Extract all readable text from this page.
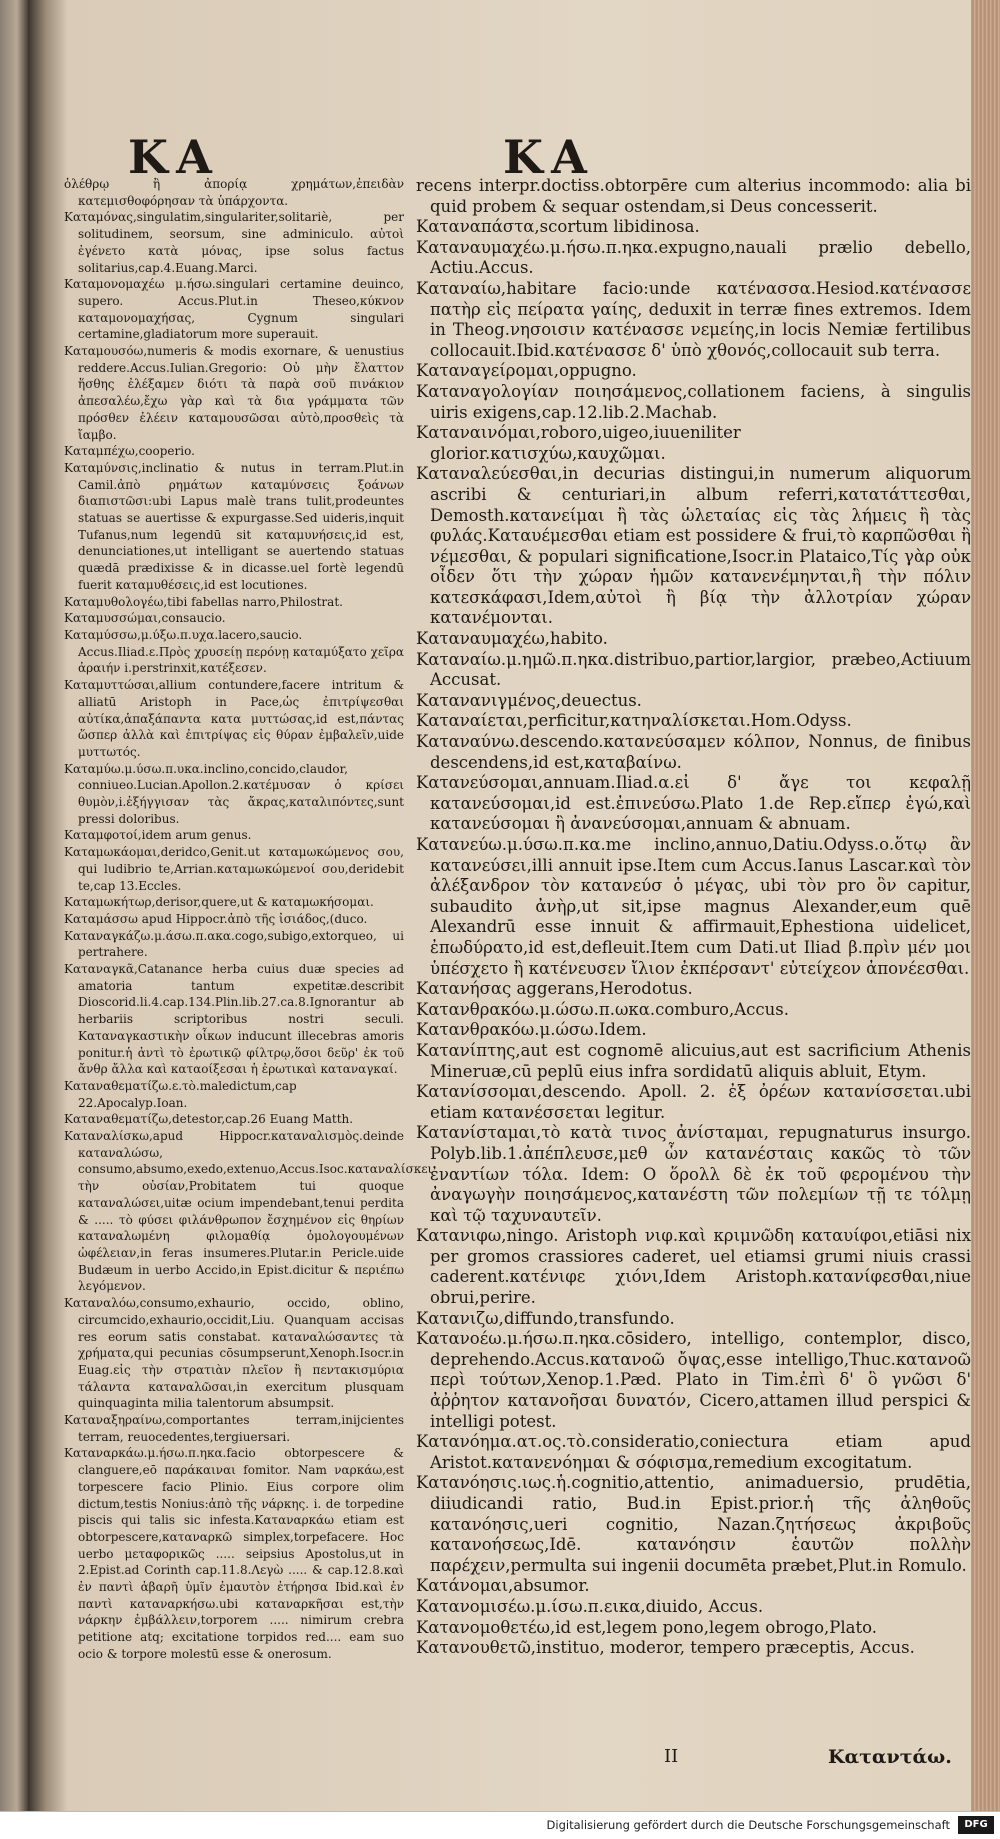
KA	KA

ὀλέθρῳ ἢ ἀπορίᾳ χρημάτων,ἐπειδὰν κατεμισθοφόρησαν τὰ ὑπάρχοντα.

Καταμόνας,singulatim,singulariter,solitariè, per solitudinem, seorsum, sine adminiculo. αὐτοὶ ἐγένετο κατὰ μόνας, ipse solus factus solitarius,cap.4.Euang.Marci.

Καταμονομαχέω μ.ήσω.singulari certamine deuinco, supero. Accus.Plut.in Theseo,κύκνον καταμονομαχήσας, Cygnum singulari certamine,gladiatorum more superauit.

Καταμουσόω,numeris & modis exornare, & uenustius reddere.Accus.Iulian.Gregorio: Οὐ μὴν ἔλαττον ἥσθης ἐλέξαμεν διότι τὰ παρὰ σοῦ πινάκιον ἀπεσαλέω,ἔχω γὰρ καὶ τὰ δια γράμματα τῶν πρόσθεν ἐλέειν καταμουσῶσαι αὐτὸ,προσθεὶς τὰ ἴαμβο.

Καταμπέχω,cooperio.

Καταμύνσις,inclinatio & nutus in terram.Plut.in Camil.ἀπὸ ρημάτων καταμύνσεις ξοάνων διαπιστῶσι:ubi Lapus malè trans tulit,prodeuntes statuas se auertisse & expurgasse.Sed uideris,inquit Tufanus,num legendū sit καταμυνήσεις,id est, denunciationes,ut intelligant se auertendo statuas quædā prædixisse & in dicasse.uel fortè legendū fuerit καταμυθέσεις,id est locutiones.

Καταμυθολογέω,tibi fabellas narro,Philostrat.

Καταμυσσώμαι,consaucio.

Καταμύσσω,μ.ύξω.π.υχα.lacero,saucio. Accus.Iliad.ε.Πρὸς χρυσείῃ περόνῃ καταμύξατο χεῖρα ἀραιήν i.perstrinxit,κατέξεσεν.

Καταμυττώσαι,allium contundere,facere intritum & alliatū Aristoph in Pace,ὡς ἐπιτρίψεσθαι αὐτίκα,ἁπαξάπαντα κατα μυττώσας,id est,πάντας ὥσπερ ἀλλὰ καὶ ἐπιτρίψας εἰς θύραν ἐμβαλεῖν,uide μυττωτός.

Καταμύω.μ.ύσω.π.υκα.inclino,concido,claudor, conniueo.Lucian.Apollon.2.κατέμυσαν ὁ κρίσει θυμὸν,i.ἐξήγγισαν τὰς ἄκρας,καταλιπόντες,sunt pressi doloribus.

Καταμφοτοί,idem arum genus.

Καταμωκάομαι,deridco,Genit.ut καταμωκώμενος σου, qui ludibrio te,Arrian.καταμωκώμενοί σου,deridebit te,cap 13.Eccles.

Καταμωκήτωρ,derisor,quere,ut & καταμωκήσομαι.

Καταμάσσω apud Hippocr.ἀπὸ τῆς ἰσιάδος,(duco.

Καταναγκάζω.μ.άσω.π.ακα.cogo,subigo,extorqueo, ui pertrahere.

Καταναγκᾶ,Catanance herba cuius duæ species ad amatoria tantum expetitæ.describit Dioscorid.li.4.cap.134.Plin.lib.27.ca.8.Ignorantur ab herbariis scriptoribus nostri seculi. Καταναγκαστικὴν οἶκων inducunt illecebras amoris ponitur.ἡ ἀντὶ τὸ ἐρωτικῷ φίλτρῳ,ὅσοι δεῦρ' ἐκ τοῦ ἄνθρ ἄλλα καὶ καταοίξεσαι ἡ ἐρωτικαὶ καταναγκαί.

Καταναθεματίζω.ε.τὸ.maledictum,cap 22.Apocalyp.Ioan.

Καταναθεματίζω,detestor,cap.26 Euang Matth.

Καταναλίσκω,apud Hippocr.καταναλισμὸς.deinde καταναλώσω, consumo,absumo,exedo,extenuo,Accus.Isoc.καταναλίσκει τὴν οὐσίαν,Probitatem tui quoque καταναλώσει,uitæ ocium impendebant,tenui perdita & ..... τὸ φύσει φιλάνθρωπον ἔσχημένον εἰς θηρίων καταναλωμένη φιλομαθίᾳ ὁμολογουμένων ὠφέλειαν,in feras insumeres.Plutar.in Pericle.uide Budæum in uerbo Accido,in Epist.dicitur & περιέπω λεγόμενον.

Καταναλόω,consumo,exhaurio, occido, oblino, circumcido,exhaurio,occidit,Liu. Quanquam accisas res eorum satis constabat. καταναλώσαντες τὰ χρήματα,qui pecunias cōsumpserunt,Xenoph.Isocr.in Euag.εἰς τὴν στρατιὰν πλεῖον ἢ πεντακισμύρια τάλαντα καταναλῶσαι,in exercitum plusquam quinquaginta milia talentorum absumpsit.

Καταναξηραίνω,comportantes terram,inijcientes terram, reuocedentes,tergiuersari.

Καταναρκάω.μ.ήσω.π.ηκα.facio obtorpescere & clanguere,eō παράκαιναι fomitor. Nam ναρκάω,est torpescere facio Plinio. Eius corpore olim dictum,testis Nonius:ἀπὸ τῆς νάρκης. i. de torpedine piscis qui talis sic infesta.Καταναρκάω etiam est obtorpescere,καταναρκῶ simplex,torpefacere. Hoc uerbo μεταφορικῶς ..... seipsius Apostolus,ut in 2.Epist.ad Corinth cap.11.8.Λεγὼ ..... & cap.12.8.καὶ ἐν παντὶ ἀβαρῆ ὑμῖν ἐμαυτὸν ἐτήρησα Ibid.καὶ ἐν παντὶ καταναρκήσω.ubi καταναρκῆσαι est,τὴν νάρκην ἐμβάλλειν,torporem ..... nimirum crebra petitione atq; excitatione torpidos red.... eam suo ocio & torpore molestū esse & onerosum.

recens interpr.doctiss.obtorpēre cum alterius incommodo: alia bi quid probem & sequar ostendam,si Deus concesserit.

Καταναπάστα,scortum libidinosa.

Καταναυμαχέω.μ.ήσω.π.ηκα.expugno,nauali prælio debello, Actiu.Accus.

Καταναίω,habitare facio:unde κατένασσα.Hesiod.κατένασσε πατὴρ εἰς πείρατα γαίης, deduxit in terræ fines extremos. Idem in Theog.νησοισιν κατένασσε νεμείης,in locis Nemiæ fertilibus collocauit.Ibid.κατένασσε δ' ὑπὸ χθονός,collocauit sub terra.

Καταναγείρομαι,oppugno.

Καταναγολογίαν ποιησάμενος,collationem faciens, à singulis uiris exigens,cap.12.lib.2.Machab.

Καταναινόμαι,roboro,uigeo,iuueniliter glorior.κατισχύω,καυχῶμαι.

Καταναλεύεσθαι,in decurias distingui,in numerum aliquorum ascribi & centuriari,in album referri,κατατάττεσθαι, Demosth.κατανείμαι ἢ τὰς ὡλεταίας εἰς τὰς λήμεις ἢ τὰς φυλάς.Καταυέμεσθαι etiam est possidere & frui,τὸ καρπῶσθαι ἢ νέμεσθαι, & populari significatione,Isocr.in Plataico,Τίς γὰρ οὐκ οἶδεν ὅτι τὴν χώραν ἡμῶν κατανενέμηνται,ἢ τὴν πόλιν κατεσκάφασι,Idem,αὐτοὶ ἢ βίᾳ τὴν ἀλλοτρίαν χώραν κατανέμονται.

Καταναυμαχέω,habito.

Καταναίω.μ.ημῶ.π.ηκα.distribuo,partior,largior, præbeo,Actiuum Accusat.

Κατανανιγμένος,deuectus.

Καταναίεται,perficitur,κατηναλίσκεται.Hom.Odyss.

Καταναύνω.descendo.κατανεύσαμεν κόλπον, Nonnus, de finibus descendens,id est,καταβαίνω.

Κατανεύσομαι,annuam.Iliad.α.εἰ δ' ἄγε τοι κεφαλῇ κατανεύσομαι,id est.ἐπινεύσω.Plato 1.de Rep.εἴπερ ἐγώ,καὶ κατανεύσομαι ἢ ἀνανεύσομαι,annuam & abnuam.

Κατανεύω.μ.ύσω.π.κα.me inclino,annuo,Datiu.Odyss.ο.ὅτῳ ἂν κατανεύσει,illi annuit ipse.Item cum Accus.Ianus Lascar.καὶ τὸν ἀλέξανδρον τὸν κατανεύσ ὁ μέγας, ubi τὸν pro ὃν capitur, subaudito ἀνὴρ,ut sit,ipse magnus Alexander,eum quē Alexandrū esse innuit & affirmauit,Ephestiona uidelicet, ἐπωδύρατο,id est,defleuit.Item cum Dati.ut Iliad β.πρὶν μέν μοι ὑπέσχετο ἢ κατένευσεν ἴλιον ἐκπέρσαντ' εὐτείχεον ἀπονέεσθαι.

Κατανήσας aggerans,Herodotus.

Κατανθρακόω.μ.ώσω.π.ωκα.comburo,Accus.

Κατανθρακόω.μ.ώσω.Idem.

Κατανίπτης,aut est cognomē alicuius,aut est sacrificium Athenis Mineruæ,cū peplū eius infra sordidatū aliquis abluit, Etym.

Κατανίσσομαι,descendo. Apoll. 2. ἐξ ὀρέων κατανίσσεται.ubi etiam κατανέσσεται legitur.

Κατανίσταμαι,τὸ κατὰ τινος ἀνίσταμαι, repugnaturus insurgo. Polyb.lib.1.ἀπέπλευσε,μεθ ὧν κατανέσταις κακῶς τὸ τῶν ἐναντίων τόλα. Idem: Ο ὅρολλ δὲ ἐκ τοῦ φερομένου τὴν ἀναγωγὴν ποιησάμενος,κατανέστη τῶν πολεμίων τῇ τε τόλμῃ καὶ τῷ ταχυναυτεῖν.

Κατανιφω,ningo. Aristoph νιφ.καὶ κριμνῶδη καταυίφοι,etiāsi nix per gromos crassiores caderet, uel etiamsi grumi niuis crassi caderent.κατένιφε χιόνι,Idem Aristoph.κατανίφεσθαι,niue obrui,perire.

Κατανιζω,diffundo,transfundo.

Κατανοέω.μ.ήσω.π.ηκα.cōsidero, intelligo, contemplor, disco, deprehendo.Accus.κατανοῶ ὄψας,esse intelligo,Thuc.κατανοῶ περὶ τούτων,Xenop.1.Pæd. Plato in Tim.ἐπὶ δ' ὃ γνῶσι δ' ἀῤῥητον κατανοῆσαι δυνατόν, Cicero,attamen illud perspici & intelligi potest.

Κατανόημα.ατ.ος.τὸ.consideratio,coniectura etiam apud Aristot.κατανενόημαι & σόφισμα,remedium excogitatum.

Κατανόησις.ιως.ἡ.cognitio,attentio, animaduersio, prudētia, diiudicandi ratio, Bud.in Epist.prior.ἡ τῆς ἀληθοῦς κατανόησις,ueri cognitio, Nazan.ζητήσεως ἀκριβοῦς κατανοήσεως,Idē. κατανόησιν ἑαυτῶν πολλὴν παρέχειν,permulta sui ingenii documēta præbet,Plut.in Romulo.

Κατάνομαι,absumor.

Κατανομισέω.μ.ίσω.π.εικα,diuido, Accus.

Κατανομοθετέω,id est,legem pono,legem obrogo,Plato.

Κατανουθετῶ,instituo, moderor, tempero præceptis, Accus.

II	Καταντάω.
Digitalisierung gefördert durch die Deutsche Forschungsgemeinschaft	DFG
